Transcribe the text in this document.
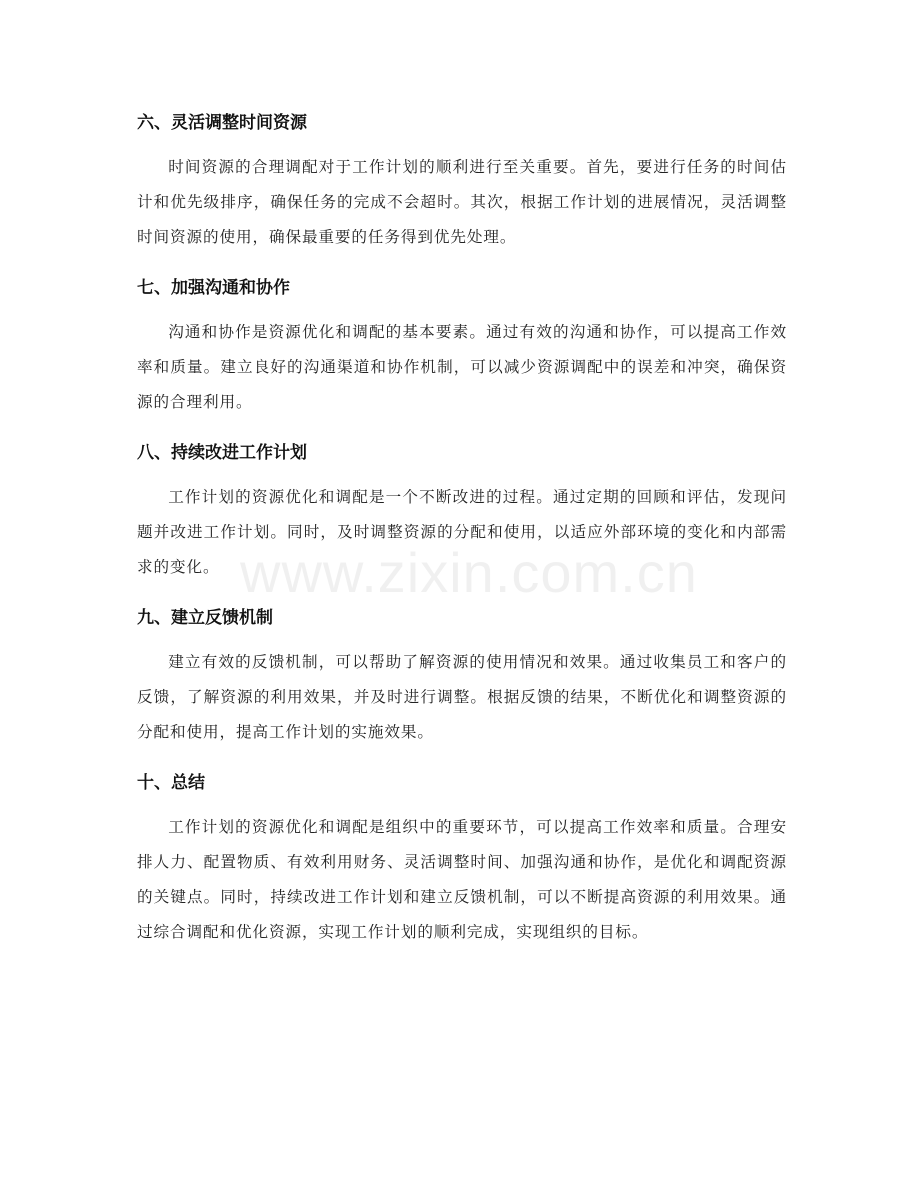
六、灵活调整时间资源

时间资源的合理调配对于工作计划的顺利进行至关重要。首先，要进行任务的时间估计和优先级排序，确保任务的完成不会超时。其次，根据工作计划的进展情况，灵活调整时间资源的使用，确保最重要的任务得到优先处理。

七、加强沟通和协作

沟通和协作是资源优化和调配的基本要素。通过有效的沟通和协作，可以提高工作效率和质量。建立良好的沟通渠道和协作机制，可以减少资源调配中的误差和冲突，确保资源的合理利用。

八、持续改进工作计划

工作计划的资源优化和调配是一个不断改进的过程。通过定期的回顾和评估，发现问题并改进工作计划。同时，及时调整资源的分配和使用，以适应外部环境的变化和内部需求的变化。

九、建立反馈机制

建立有效的反馈机制，可以帮助了解资源的使用情况和效果。通过收集员工和客户的反馈，了解资源的利用效果，并及时进行调整。根据反馈的结果，不断优化和调整资源的分配和使用，提高工作计划的实施效果。

十、总结

工作计划的资源优化和调配是组织中的重要环节，可以提高工作效率和质量。合理安排人力、配置物质、有效利用财务、灵活调整时间、加强沟通和协作，是优化和调配资源的关键点。同时，持续改进工作计划和建立反馈机制，可以不断提高资源的利用效果。通过综合调配和优化资源，实现工作计划的顺利完成，实现组织的目标。

www.zixin.com.cn
